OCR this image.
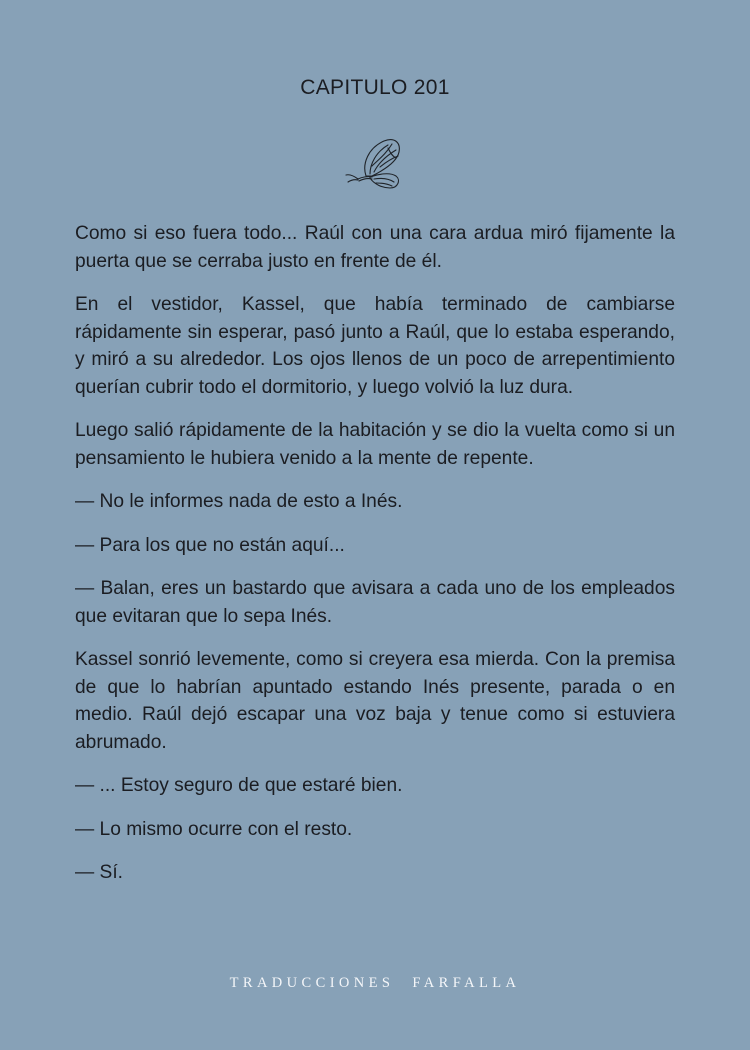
CAPITULO 201

Como si eso fuera todo... Raúl con una cara ardua miró fijamente la puerta que se cerraba justo en frente de él.

En el vestidor, Kassel, que había terminado de cambiarse rápidamente sin esperar, pasó junto a Raúl, que lo estaba esperando, y miró a su alrededor. Los ojos llenos de un poco de arrepentimiento querían cubrir todo el dormitorio, y luego volvió la luz dura.

Luego salió rápidamente de la habitación y se dio la vuelta como si un pensamiento le hubiera venido a la mente de repente.

— No le informes nada de esto a Inés.

— Para los que no están aquí...

— Balan, eres un bastardo que avisara a cada uno de los empleados que evitaran que lo sepa Inés.

Kassel sonrió levemente, como si creyera esa mierda. Con la premisa de que lo habrían apuntado estando Inés presente, parada o en medio. Raúl dejó escapar una voz baja y tenue como si estuviera abrumado.

— ... Estoy seguro de que estaré bien.

— Lo mismo ocurre con el resto.

— Sí.

TRADUCCIONES FARFALLA
